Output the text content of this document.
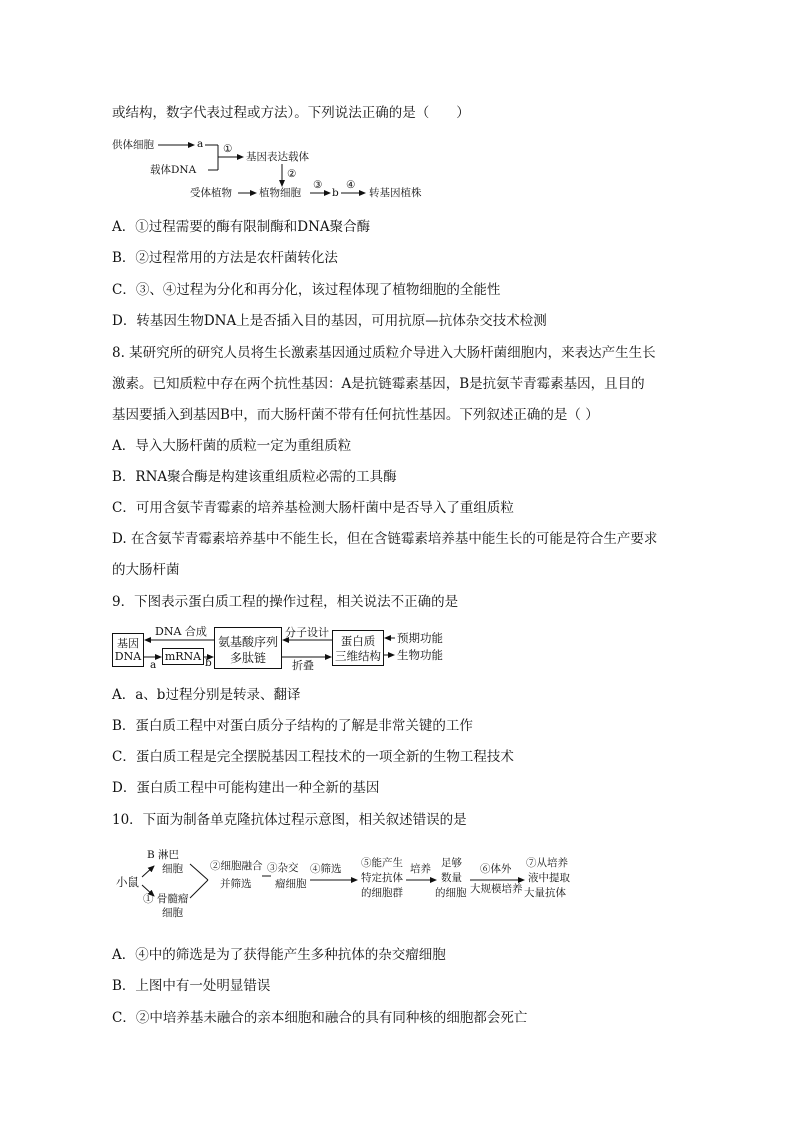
或结构，数字代表过程或方法）。下列说法正确的是（　　）
供体细胞	a
载体DNA
①
基因表达载体
②
受体植物	植物细胞
③
b
④
转基因植株
A．①过程需要的酶有限制酶和DNA聚合酶
B．②过程常用的方法是农杆菌转化法
C．③、④过程为分化和再分化，该过程体现了植物细胞的全能性
D．转基因生物DNA上是否插入目的基因，可用抗原—抗体杂交技术检测
8. 某研究所的研究人员将生长激素基因通过质粒介导进入大肠杆菌细胞内，来表达产生生长
激素。已知质粒中存在两个抗性基因：A是抗链霉素基因，B是抗氨苄青霉素基因，且目的
基因要插入到基因B中，而大肠杆菌不带有任何抗性基因。下列叙述正确的是（ ）
A．导入大肠杆菌的质粒一定为重组质粒
B．RNA聚合酶是构建该重组质粒必需的工具酶
C．可用含氨苄青霉素的培养基检测大肠杆菌中是否导入了重组质粒
D. 在含氨苄青霉素培养基中不能生长，但在含链霉素培养基中能生长的可能是符合生产要求
的大肠杆菌
9．下图表示蛋白质工程的操作过程，相关说法不正确的是
基因
DNA mRNA
氨基酸序列
多肽链
蛋白质
三维结构
DNA 合成
a	b
分子设计
折叠
预期功能
生物功能
A．a、b过程分别是转录、翻译
B．蛋白质工程中对蛋白质分子结构的了解是非常关键的工作
C．蛋白质工程是完全摆脱基因工程技术的一项全新的生物工程技术
D．蛋白质工程中可能构建出一种全新的基因
10．下面为制备单克隆抗体过程示意图，相关叙述错误的是
小鼠
B 淋巴
细胞
① 骨髓瘤
细胞
②细胞融合
并筛选
③杂交
瘤细胞
④筛选 ⑤能产生
特定抗体
的细胞群
培养 足够
数量
的细胞
⑥体外
大规模培养
⑦从培养
液中提取
大量抗体
A．④中的筛选是为了获得能产生多种抗体的杂交瘤细胞
B．上图中有一处明显错误
C．②中培养基未融合的亲本细胞和融合的具有同种核的细胞都会死亡
